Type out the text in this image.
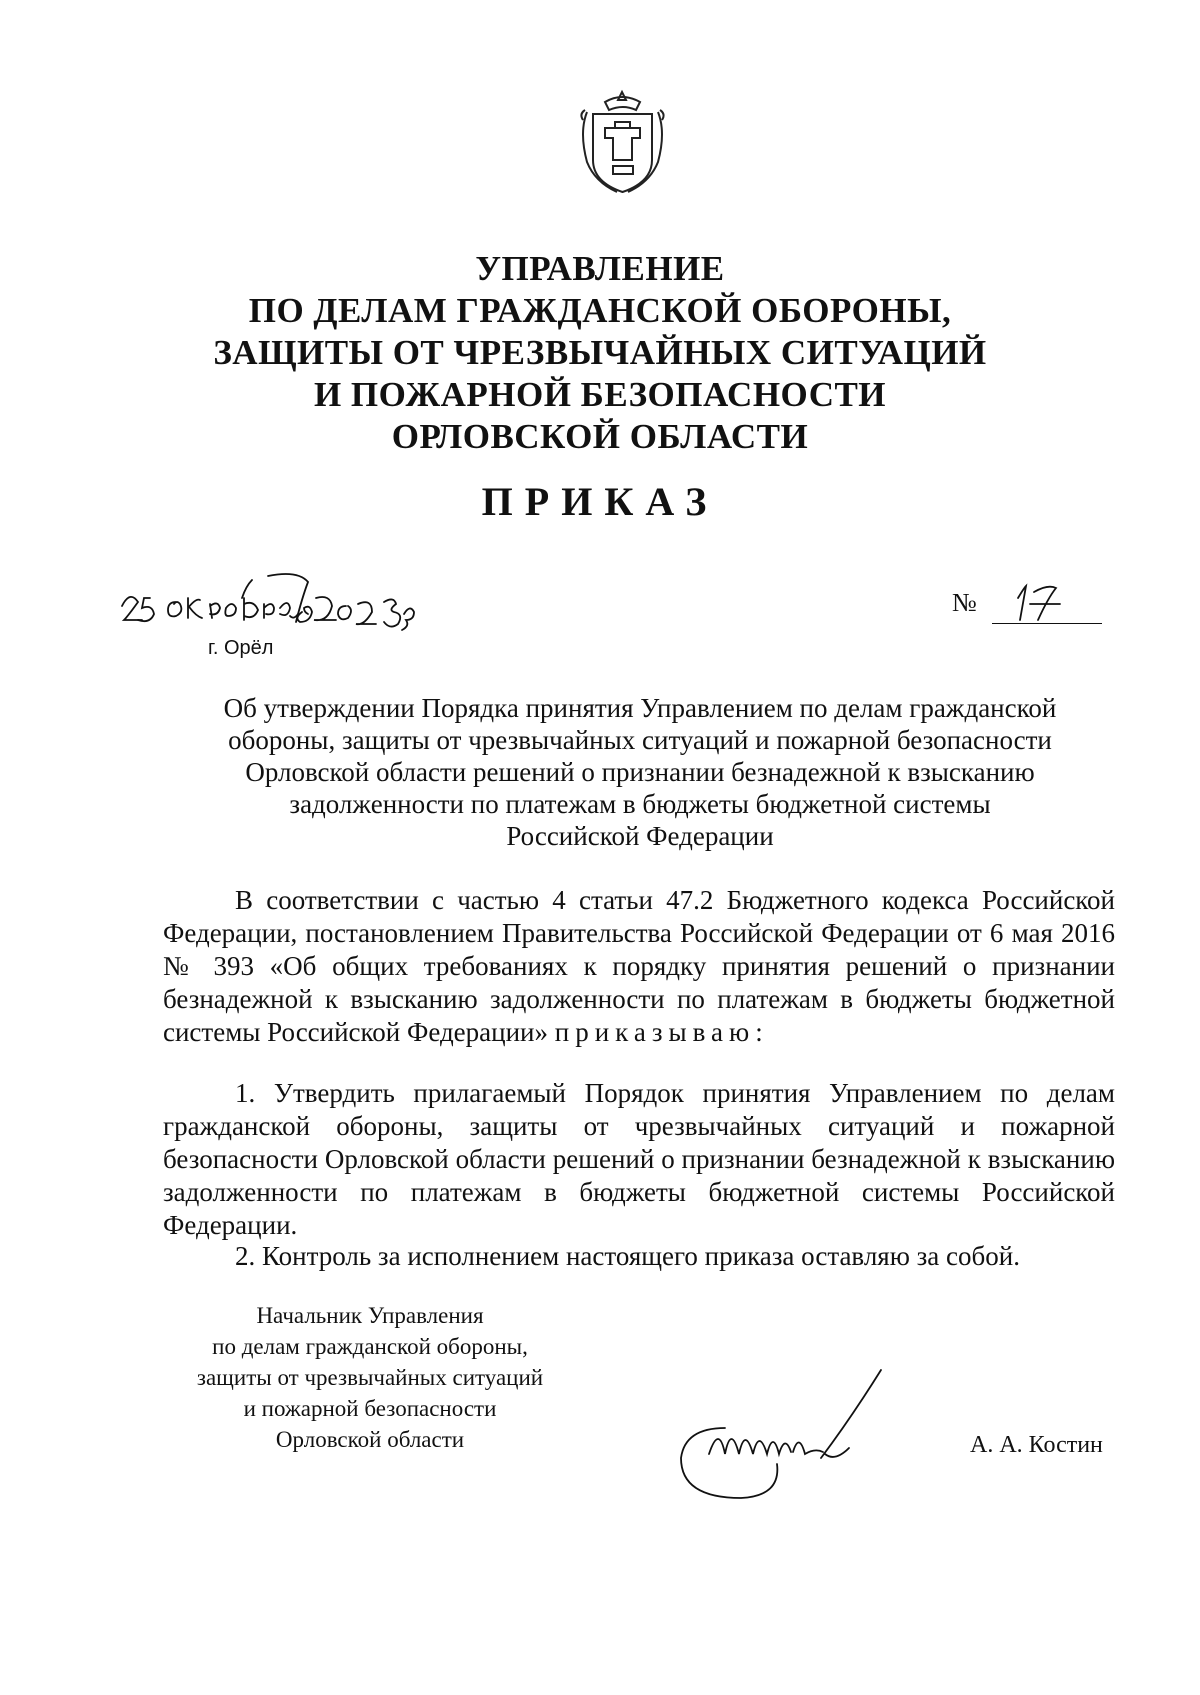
УПРАВЛЕНИЕ
ПО ДЕЛАМ ГРАЖДАНСКОЙ ОБОРОНЫ,
ЗАЩИТЫ ОТ ЧРЕЗВЫЧАЙНЫХ СИТУАЦИЙ
И ПОЖАРНОЙ БЕЗОПАСНОСТИ
ОРЛОВСКОЙ ОБЛАСТИ
ПРИКАЗ
г. Орёл
№
Об утверждении Порядка принятия Управлением по делам гражданской
обороны, защиты от чрезвычайных ситуаций и пожарной безопасности
Орловской области решений о признании безнадежной к взысканию
задолженности по платежам в бюджеты бюджетной системы
Российской Федерации
В соответствии с частью 4 статьи 47.2 Бюджетного кодекса Российской Федерации, постановлением Правительства Российской Федерации от 6 мая 2016 № 393 «Об общих требованиях к порядку принятия решений о признании безнадежной к взысканию задолженности по платежам в бюджеты бюджетной системы Российской Федерации» приказываю:
1. Утвердить прилагаемый Порядок принятия Управлением по делам гражданской обороны, защиты от чрезвычайных ситуаций и пожарной безопасности Орловской области решений о признании безнадежной к взысканию задолженности по платежам в бюджеты бюджетной системы Российской Федерации.
2. Контроль за исполнением настоящего приказа оставляю за собой.
Начальник Управления
по делам гражданской обороны,
защиты от чрезвычайных ситуаций
и пожарной безопасности
Орловской области	А. А. Костин
